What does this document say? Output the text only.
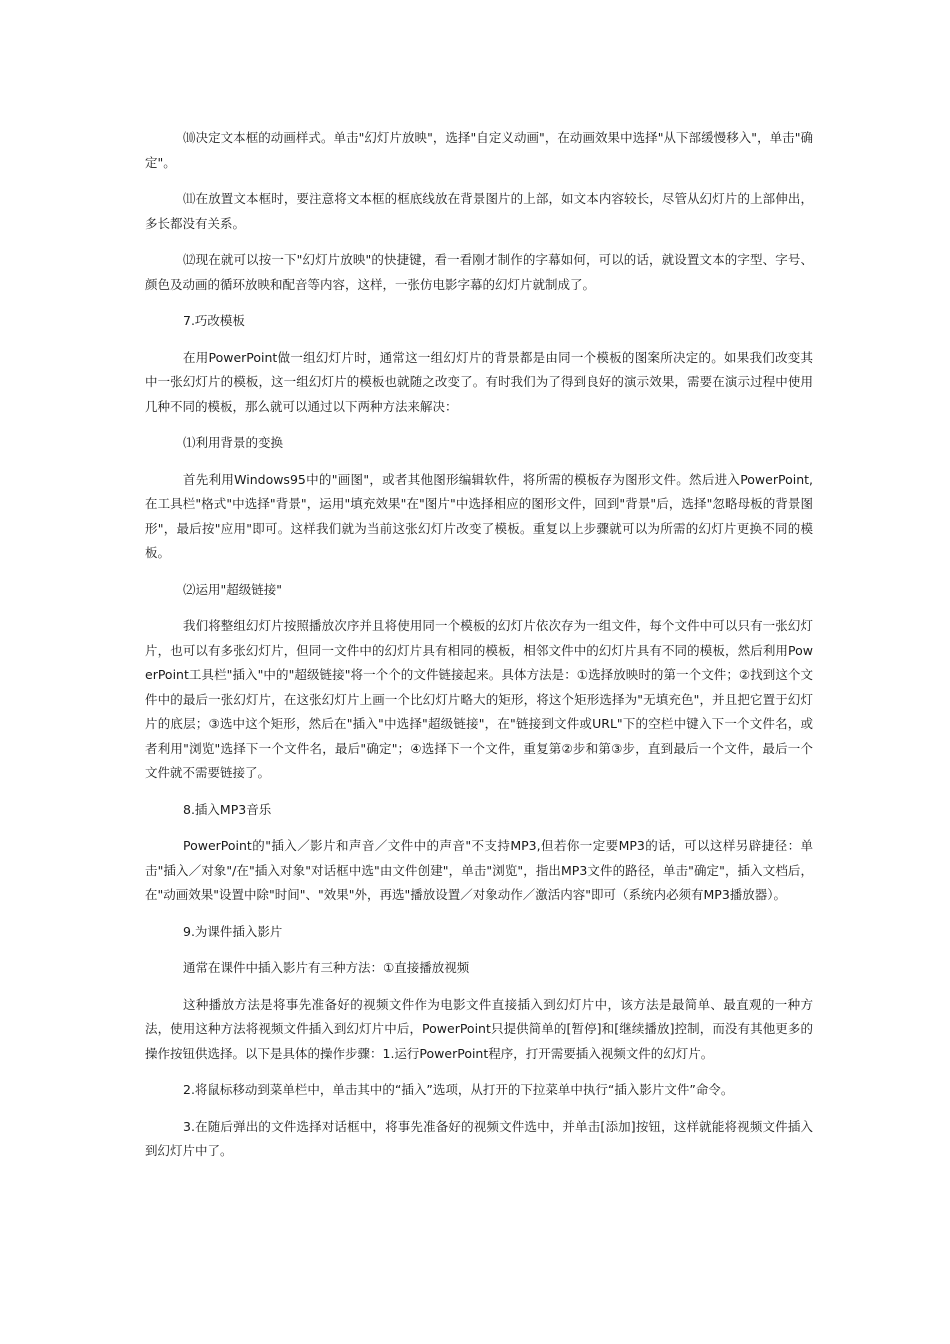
⑽决定文本框的动画样式。单击"幻灯片放映"，选择"自定义动画"，在动画效果中选择"从下部缓慢移入"，单击"确定"。

⑾在放置文本框时，要注意将文本框的框底线放在背景图片的上部，如文本内容较长，尽管从幻灯片的上部伸出，多长都没有关系。

⑿现在就可以按一下"幻灯片放映"的快捷键，看一看刚才制作的字幕如何，可以的话，就设置文本的字型、字号、颜色及动画的循环放映和配音等内容，这样，一张仿电影字幕的幻灯片就制成了。

7.巧改模板

在用PowerPoint做一组幻灯片时，通常这一组幻灯片的背景都是由同一个模板的图案所决定的。如果我们改变其中一张幻灯片的模板，这一组幻灯片的模板也就随之改变了。有时我们为了得到良好的演示效果，需要在演示过程中使用几种不同的模板，那么就可以通过以下两种方法来解决：

⑴利用背景的变换

首先利用Windows95中的"画图"，或者其他图形编辑软件，将所需的模板存为图形文件。然后进入PowerPoint,在工具栏"格式"中选择"背景"，运用"填充效果"在"图片"中选择相应的图形文件，回到"背景"后，选择"忽略母板的背景图形"，最后按"应用"即可。这样我们就为当前这张幻灯片改变了模板。重复以上步骤就可以为所需的幻灯片更换不同的模板。

⑵运用"超级链接"

我们将整组幻灯片按照播放次序并且将使用同一个模板的幻灯片依次存为一组文件，每个文件中可以只有一张幻灯片，也可以有多张幻灯片，但同一文件中的幻灯片具有相同的模板，相邻文件中的幻灯片具有不同的模板，然后利用PowerPoint工具栏"插入"中的"超级链接"将一个个的文件链接起来。具体方法是：①选择放映时的第一个文件；②找到这个文件中的最后一张幻灯片，在这张幻灯片上画一个比幻灯片略大的矩形，将这个矩形选择为"无填充色"，并且把它置于幻灯片的底层；③选中这个矩形，然后在"插入"中选择"超级链接"，在"链接到文件或URL"下的空栏中键入下一个文件名，或者利用"浏览"选择下一个文件名，最后"确定"；④选择下一个文件，重复第②步和第③步，直到最后一个文件，最后一个文件就不需要链接了。

8.插入MP3音乐

PowerPoint的"插入／影片和声音／文件中的声音"不支持MP3,但若你一定要MP3的话，可以这样另辟捷径：单击"插入／对象"/在"插入对象"对话框中选"由文件创建"，单击"浏览"，指出MP3文件的路径，单击"确定"，插入文档后，在"动画效果"设置中除"时间"、"效果"外，再选"播放设置／对象动作／激活内容"即可（系统内必须有MP3播放器）。

9.为课件插入影片

通常在课件中插入影片有三种方法：①直接播放视频

这种播放方法是将事先准备好的视频文件作为电影文件直接插入到幻灯片中，该方法是最简单、最直观的一种方法，使用这种方法将视频文件插入到幻灯片中后，PowerPoint只提供简单的[暂停]和[继续播放]控制，而没有其他更多的操作按钮供选择。以下是具体的操作步骤：1.运行PowerPoint程序，打开需要插入视频文件的幻灯片。

2.将鼠标移动到菜单栏中，单击其中的“插入”选项，从打开的下拉菜单中执行“插入影片文件”命令。

3.在随后弹出的文件选择对话框中，将事先准备好的视频文件选中，并单击[添加]按钮，这样就能将视频文件插入到幻灯片中了。
